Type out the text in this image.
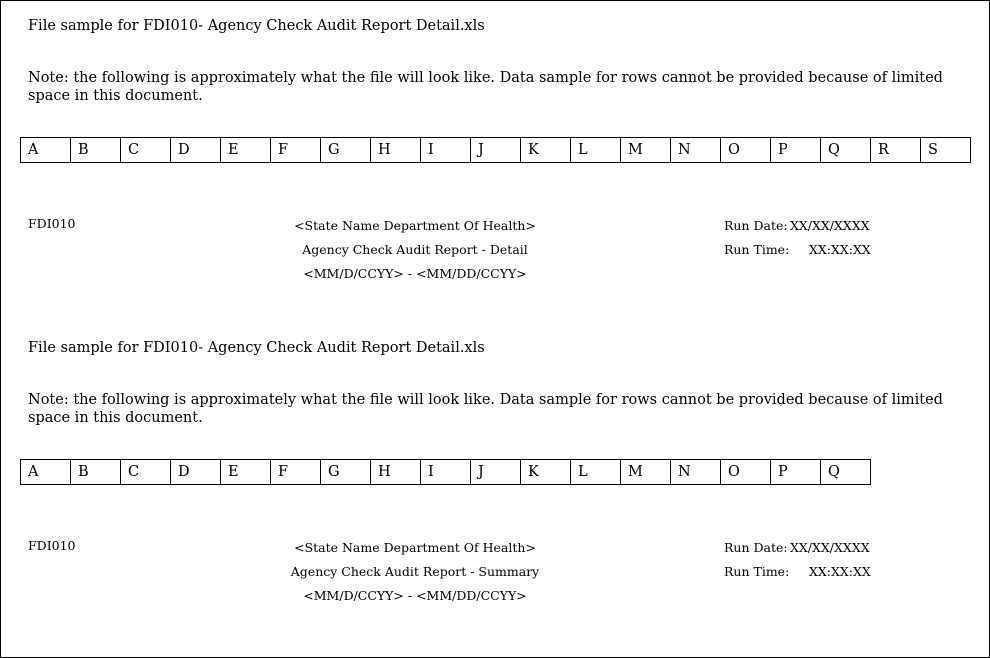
File sample for FDI010- Agency Check Audit Report Detail.xls
Note: the following is approximately what the file will look like. Data sample for rows cannot be provided because of limited space in this document.
A	B	C	D	E	F	G	H	I	J	K	L	M	N	O	P	Q	R	S
FDI010	<State Name Department Of Health>
Agency Check Audit Report - Detail
<MM/D/CCYY> - <MM/DD/CCYY>
Run Date: XX/XX/XXXX
Run Time: XX:XX:XX
File sample for FDI010- Agency Check Audit Report Detail.xls
Note: the following is approximately what the file will look like. Data sample for rows cannot be provided because of limited space in this document.
A	B	C	D	E	F	G	H	I	J	K	L	M	N	O	P	Q
FDI010	<State Name Department Of Health>
Agency Check Audit Report - Summary
<MM/D/CCYY> - <MM/DD/CCYY>
Run Date: XX/XX/XXXX
Run Time: XX:XX:XX
